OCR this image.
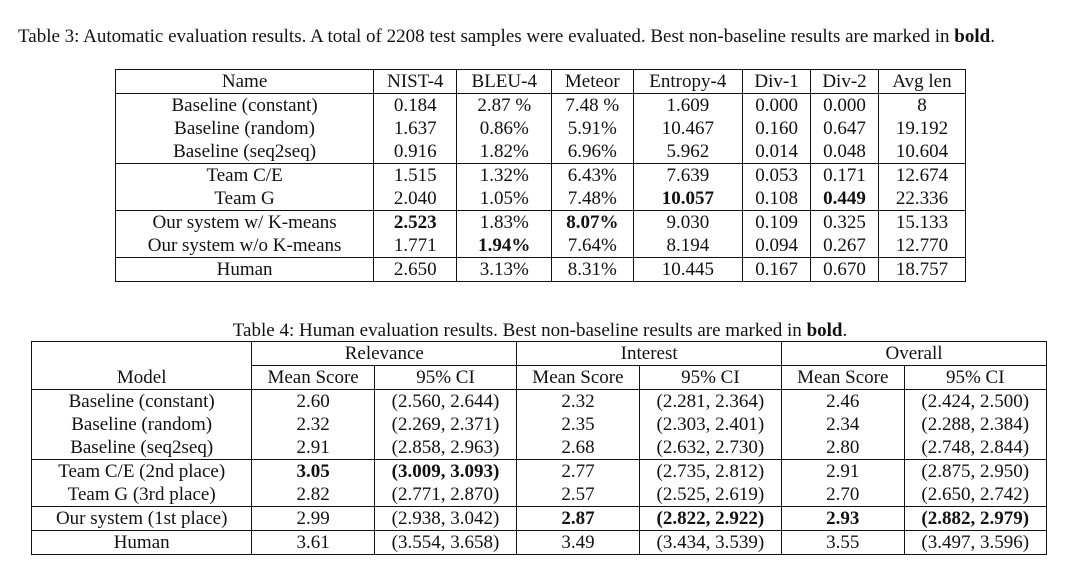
Table 3: Automatic evaluation results. A total of 2208 test samples were evaluated. Best non-baseline results are marked in bold.

Name	NIST-4	BLEU-4	Meteor	Entropy-4	Div-1	Div-2	Avg len
Baseline (constant)	0.184	2.87 %	7.48 %	1.609	0.000	0.000	8
Baseline (random)	1.637	0.86%	5.91%	10.467	0.160	0.647	19.192
Baseline (seq2seq)	0.916	1.82%	6.96%	5.962	0.014	0.048	10.604
Team C/E	1.515	1.32%	6.43%	7.639	0.053	0.171	12.674
Team G	2.040	1.05%	7.48%	10.057	0.108	0.449	22.336
Our system w/ K-means	2.523	1.83%	8.07%	9.030	0.109	0.325	15.133
Our system w/o K-means	1.771	1.94%	7.64%	8.194	0.094	0.267	12.770
Human	2.650	3.13%	8.31%	10.445	0.167	0.670	18.757

Table 4: Human evaluation results. Best non-baseline results are marked in bold.

	Relevance		Interest		Overall	
Model	Mean Score	95% CI	Mean Score	95% CI	Mean Score	95% CI
Baseline (constant)	2.60	(2.560, 2.644)	2.32	(2.281, 2.364)	2.46	(2.424, 2.500)
Baseline (random)	2.32	(2.269, 2.371)	2.35	(2.303, 2.401)	2.34	(2.288, 2.384)
Baseline (seq2seq)	2.91	(2.858, 2.963)	2.68	(2.632, 2.730)	2.80	(2.748, 2.844)
Team C/E (2nd place)	3.05	(3.009, 3.093)	2.77	(2.735, 2.812)	2.91	(2.875, 2.950)
Team G (3rd place)	2.82	(2.771, 2.870)	2.57	(2.525, 2.619)	2.70	(2.650, 2.742)
Our system (1st place)	2.99	(2.938, 3.042)	2.87	(2.822, 2.922)	2.93	(2.882, 2.979)
Human	3.61	(3.554, 3.658)	3.49	(3.434, 3.539)	3.55	(3.497, 3.596)
